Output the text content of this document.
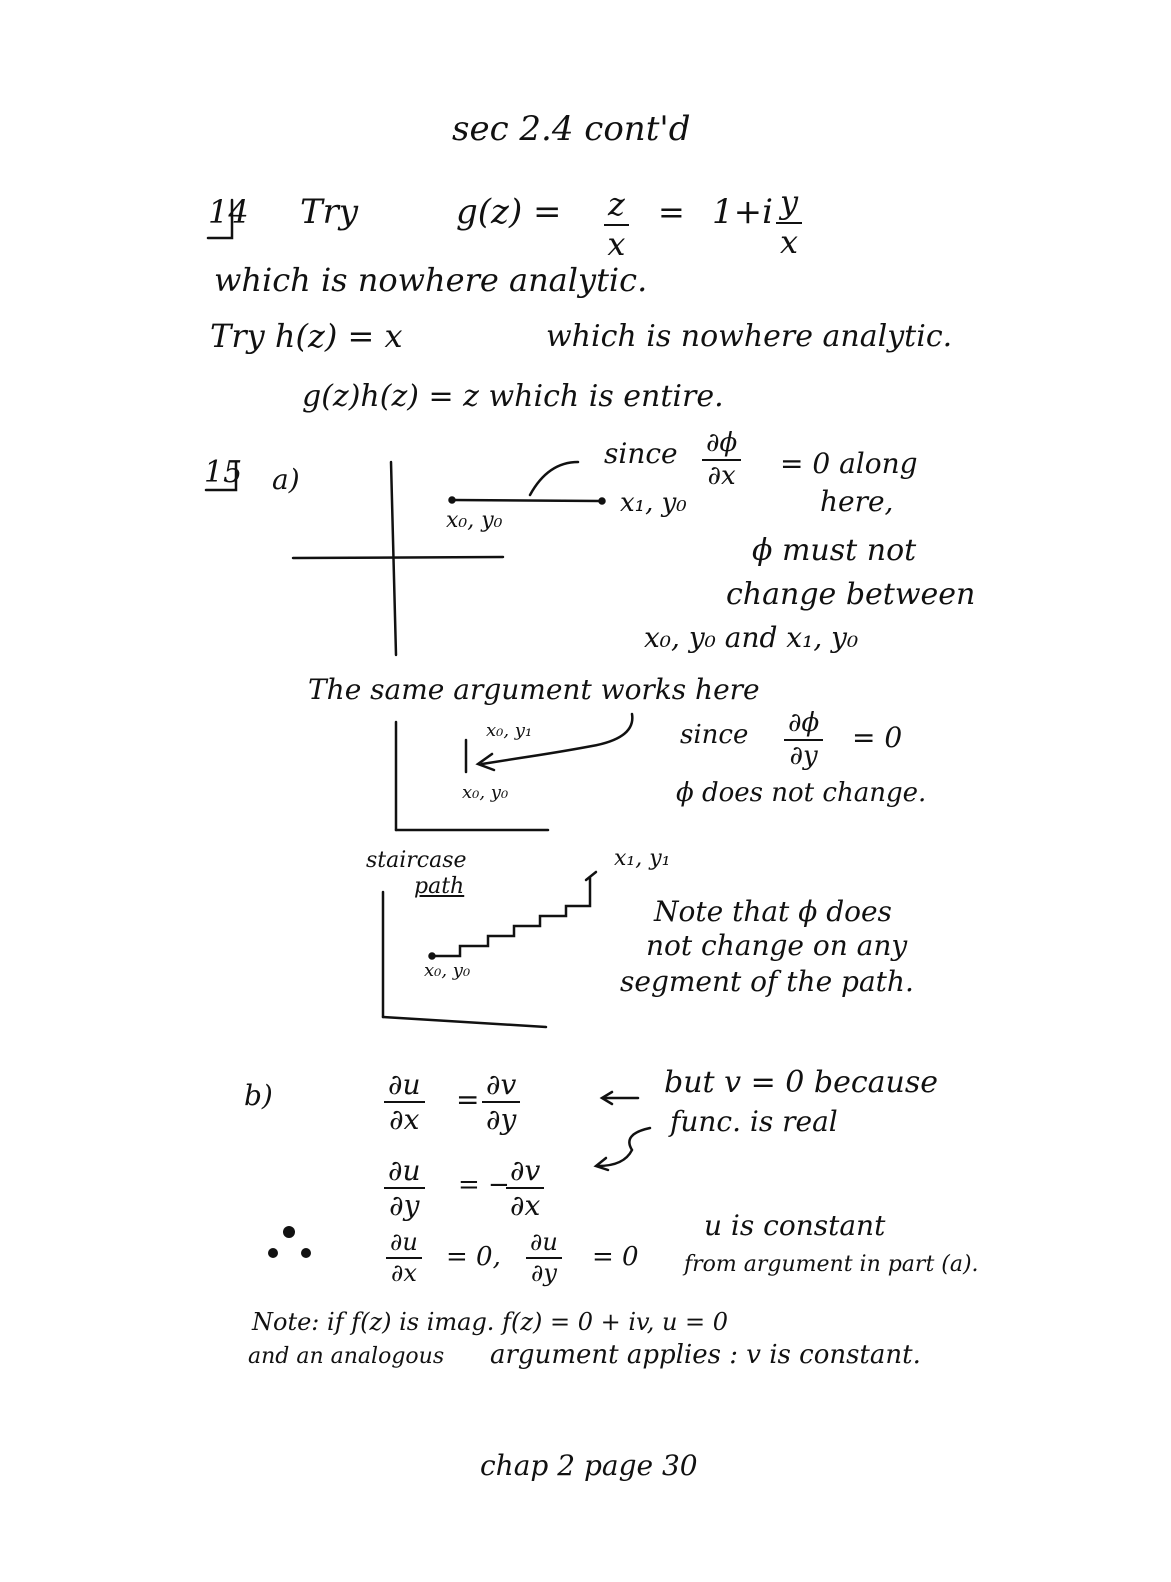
sec 2.4 cont'd
14 Try	$g(z) = \frac{z}{x} = 1+i \frac{y}{x}$
which is nowhere analytic.
Try h(z) = x	which is nowhere analytic.
g(z)h(z) = z which is entire.
15 a)
x₀, y₀
x₁, y₀
since $\frac{\partial\phi}{\partial x} = 0$ along
here,
ϕ must not
change between
x₀, y₀ and x₁, y₀
The same argument works here
x₀, y₁
x₀, y₀
since $\frac{\partial\phi}{\partial y} = 0$
ϕ does not change.
staircase
path
x₁, y₁
x₀, y₀
Note that ϕ does
not change on any
segment of the path.
b)	$\frac{\partial u}{\partial x} = \frac{\partial v}{\partial y}$	but v = 0 because
func. is real
$\frac{\partial u}{\partial y}$ = −
$\frac{\partial v}{\partial x}$
$\frac{\partial u}{\partial x} = 0$, $\frac{\partial u}{\partial y} = 0$
u is constant
from argument in part (a).
Note: if f(z) is imag. f(z) = 0 + iv, u = 0
and an analogous argument applies : v is constant.
chap 2 page 30
